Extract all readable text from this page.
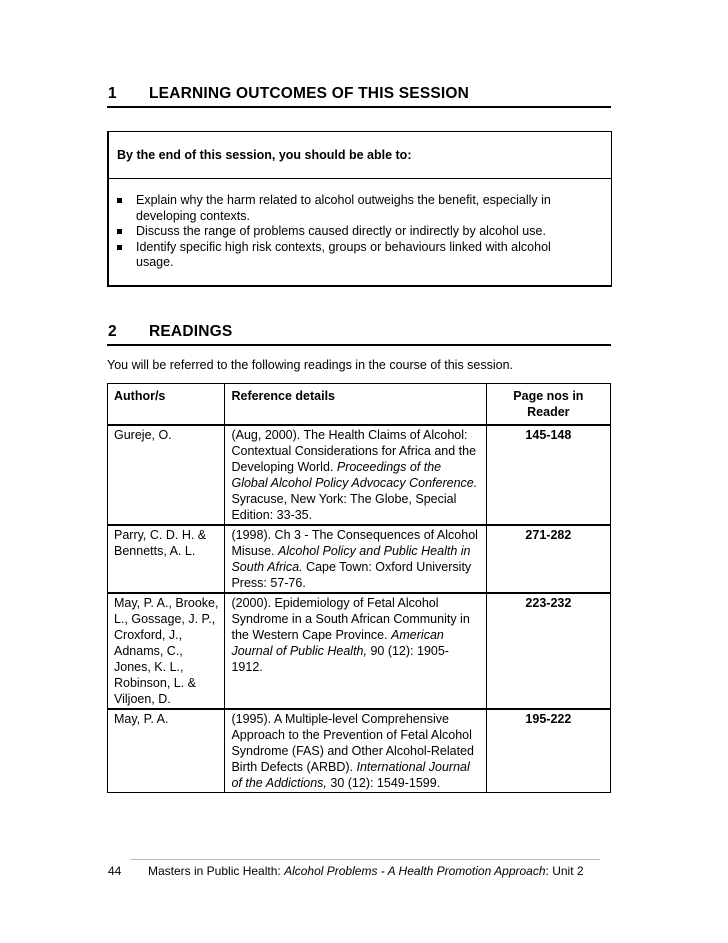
1 LEARNING OUTCOMES OF THIS SESSION
By the end of this session, you should be able to:
Explain why the harm related to alcohol outweighs the benefit, especially in developing contexts.
Discuss the range of problems caused directly or indirectly by alcohol use.
Identify specific high risk contexts, groups or behaviours linked with alcohol usage.
2 READINGS
You will be referred to the following readings in the course of this session.
Author/s	Reference details	Page nos in Reader
Gureje, O.	(Aug, 2000). The Health Claims of Alcohol: Contextual Considerations for Africa and the Developing World. Proceedings of the Global Alcohol Policy Advocacy Conference. Syracuse, New York: The Globe, Special Edition: 33-35.	145-148
Parry, C. D. H. & Bennetts, A. L.	(1998). Ch 3 - The Consequences of Alcohol Misuse. Alcohol Policy and Public Health in South Africa. Cape Town: Oxford University Press: 57-76.	271-282
May, P. A., Brooke, L., Gossage, J. P., Croxford, J., Adnams, C., Jones, K. L., Robinson, L. & Viljoen, D.	(2000). Epidemiology of Fetal Alcohol Syndrome in a South African Community in the Western Cape Province. American Journal of Public Health, 90 (12): 1905-1912.	223-232
May, P. A.	(1995). A Multiple-level Comprehensive Approach to the Prevention of Fetal Alcohol Syndrome (FAS) and Other Alcohol-Related Birth Defects (ARBD). International Journal of the Addictions, 30 (12): 1549-1599.	195-222
44 Masters in Public Health: Alcohol Problems - A Health Promotion Approach: Unit 2
